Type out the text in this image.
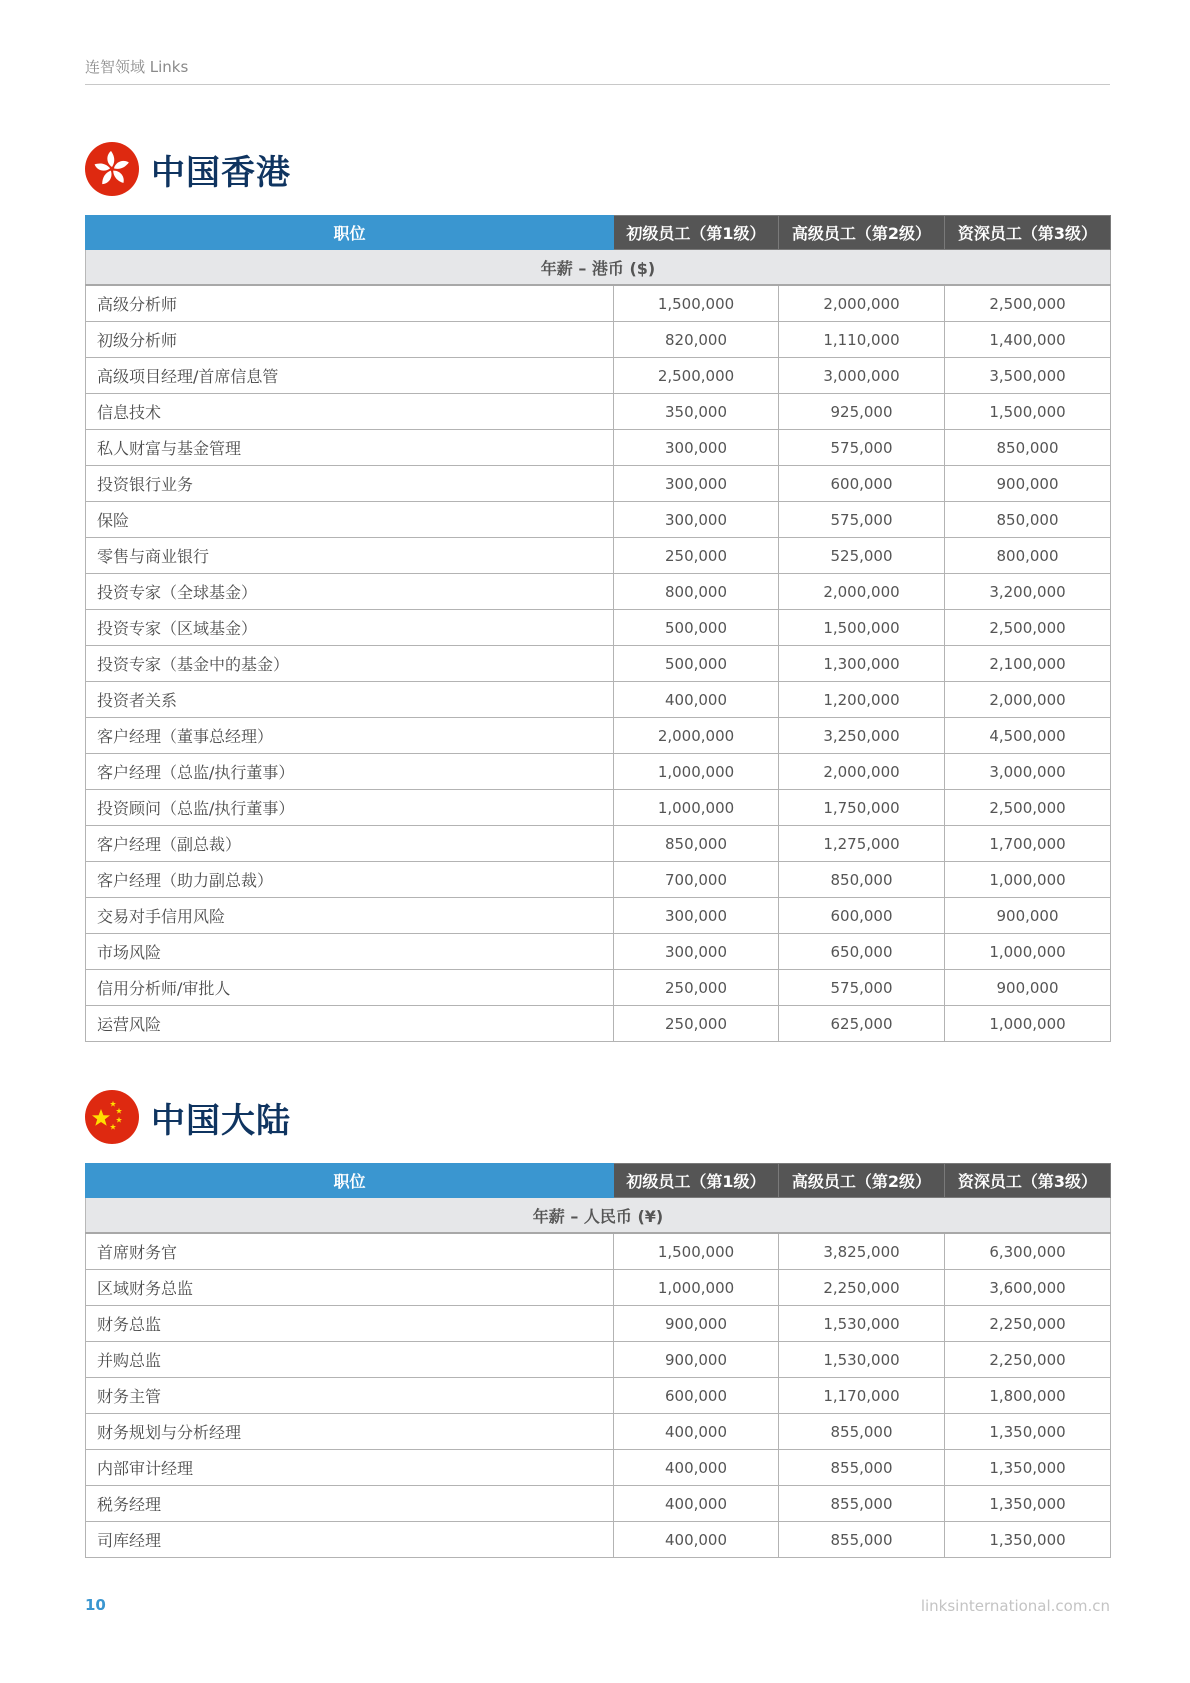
连智领域 Links
中国香港
职位	初级员工（第1级）	高级员工（第2级）	资深员工（第3级）
年薪 – 港币 ($)			
高级分析师	1,500,000	2,000,000	2,500,000
初级分析师	820,000	1,110,000	1,400,000
高级项目经理/首席信息管	2,500,000	3,000,000	3,500,000
信息技术	350,000	925,000	1,500,000
私人财富与基金管理	300,000	575,000	850,000
投资银行业务	300,000	600,000	900,000
保险	300,000	575,000	850,000
零售与商业银行	250,000	525,000	800,000
投资专家（全球基金）	800,000	2,000,000	3,200,000
投资专家（区域基金）	500,000	1,500,000	2,500,000
投资专家（基金中的基金）	500,000	1,300,000	2,100,000
投资者关系	400,000	1,200,000	2,000,000
客户经理（董事总经理）	2,000,000	3,250,000	4,500,000
客户经理（总监/执行董事）	1,000,000	2,000,000	3,000,000
投资顾问（总监/执行董事）	1,000,000	1,750,000	2,500,000
客户经理（副总裁）	850,000	1,275,000	1,700,000
客户经理（助力副总裁）	700,000	850,000	1,000,000
交易对手信用风险	300,000	600,000	900,000
市场风险	300,000	650,000	1,000,000
信用分析师/审批人	250,000	575,000	900,000
运营风险	250,000	625,000	1,000,000
中国大陆
职位	初级员工（第1级）	高级员工（第2级）	资深员工（第3级）
年薪 – 人民币 (¥)			
首席财务官	1,500,000	3,825,000	6,300,000
区域财务总监	1,000,000	2,250,000	3,600,000
财务总监	900,000	1,530,000	2,250,000
并购总监	900,000	1,530,000	2,250,000
财务主管	600,000	1,170,000	1,800,000
财务规划与分析经理	400,000	855,000	1,350,000
内部审计经理	400,000	855,000	1,350,000
税务经理	400,000	855,000	1,350,000
司库经理	400,000	855,000	1,350,000
10	linksinternational.com.cn
